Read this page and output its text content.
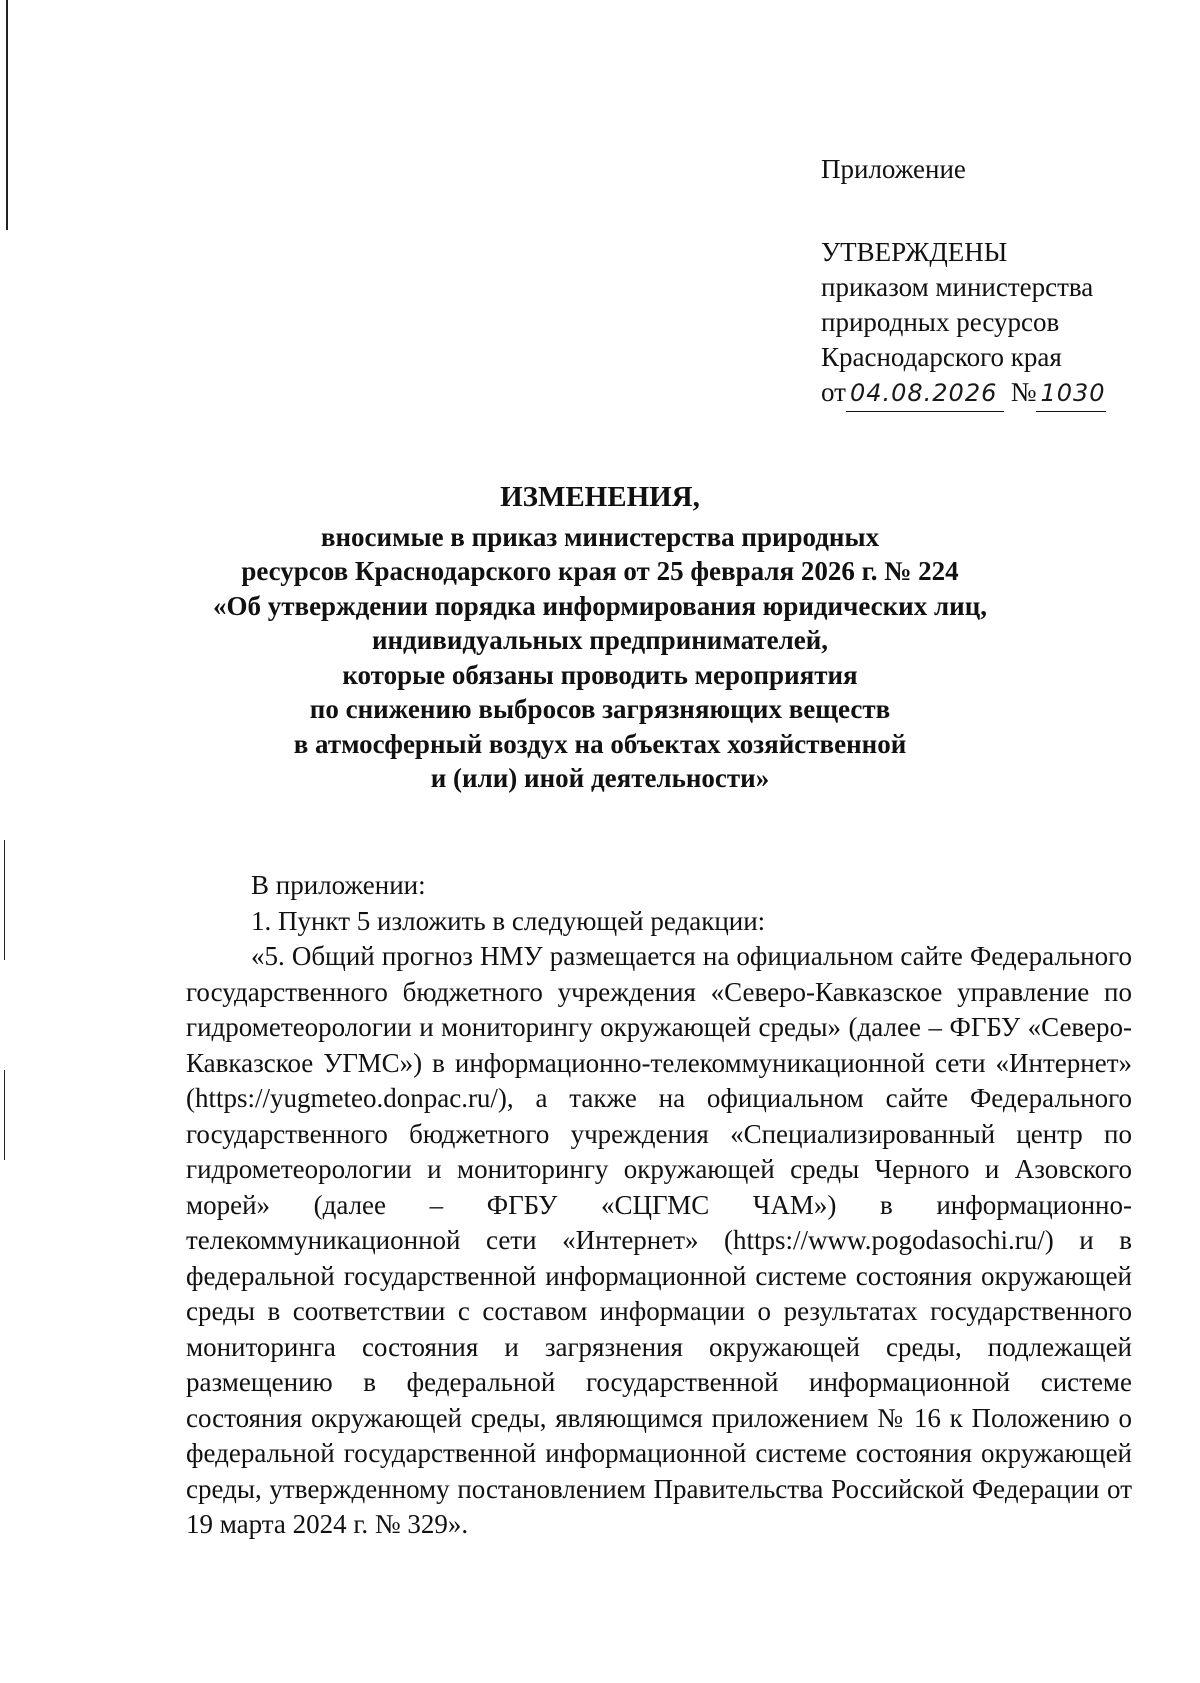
Приложение
УТВЕРЖДЕНЫ
приказом министерства
природных ресурсов
Краснодарского края
от 04.08.2026 № 1030
ИЗМЕНЕНИЯ,
вносимые в приказ министерства природных
ресурсов Краснодарского края от 25 февраля 2026 г. № 224
«Об утверждении порядка информирования юридических лиц,
индивидуальных предпринимателей,
которые обязаны проводить мероприятия
по снижению выбросов загрязняющих веществ
в атмосферный воздух на объектах хозяйственной
и (или) иной деятельности»
В приложении:
1. Пункт 5 изложить в следующей редакции:
«5. Общий прогноз НМУ размещается на официальном сайте Федерального государственного бюджетного учреждения «Северо-Кавказское управление по гидрометеорологии и мониторингу окружающей среды» (далее – ФГБУ «Северо-Кавказское УГМС») в информационно-телекоммуникационной сети «Интернет» (https://yugmeteo.donpac.ru/), а также на официальном сайте Федерального государственного бюджетного учреждения «Специализированный центр по гидрометеорологии и мониторингу окружающей среды Черного и Азовского морей» (далее – ФГБУ «СЦГМС ЧАМ») в информационно-телекоммуникационной сети «Интернет» (https://www.pogodasochi.ru/) и в федеральной государственной информационной системе состояния окружающей среды в соответствии с составом информации о результатах государственного мониторинга состояния и загрязнения окружающей среды, подлежащей размещению в федеральной государственной информационной системе состояния окружающей среды, являющимся приложением № 16 к Положению о федеральной государственной информационной системе состояния окружающей среды, утвержденному постановлением Правительства Российской Федерации от 19 марта 2024 г. № 329».
